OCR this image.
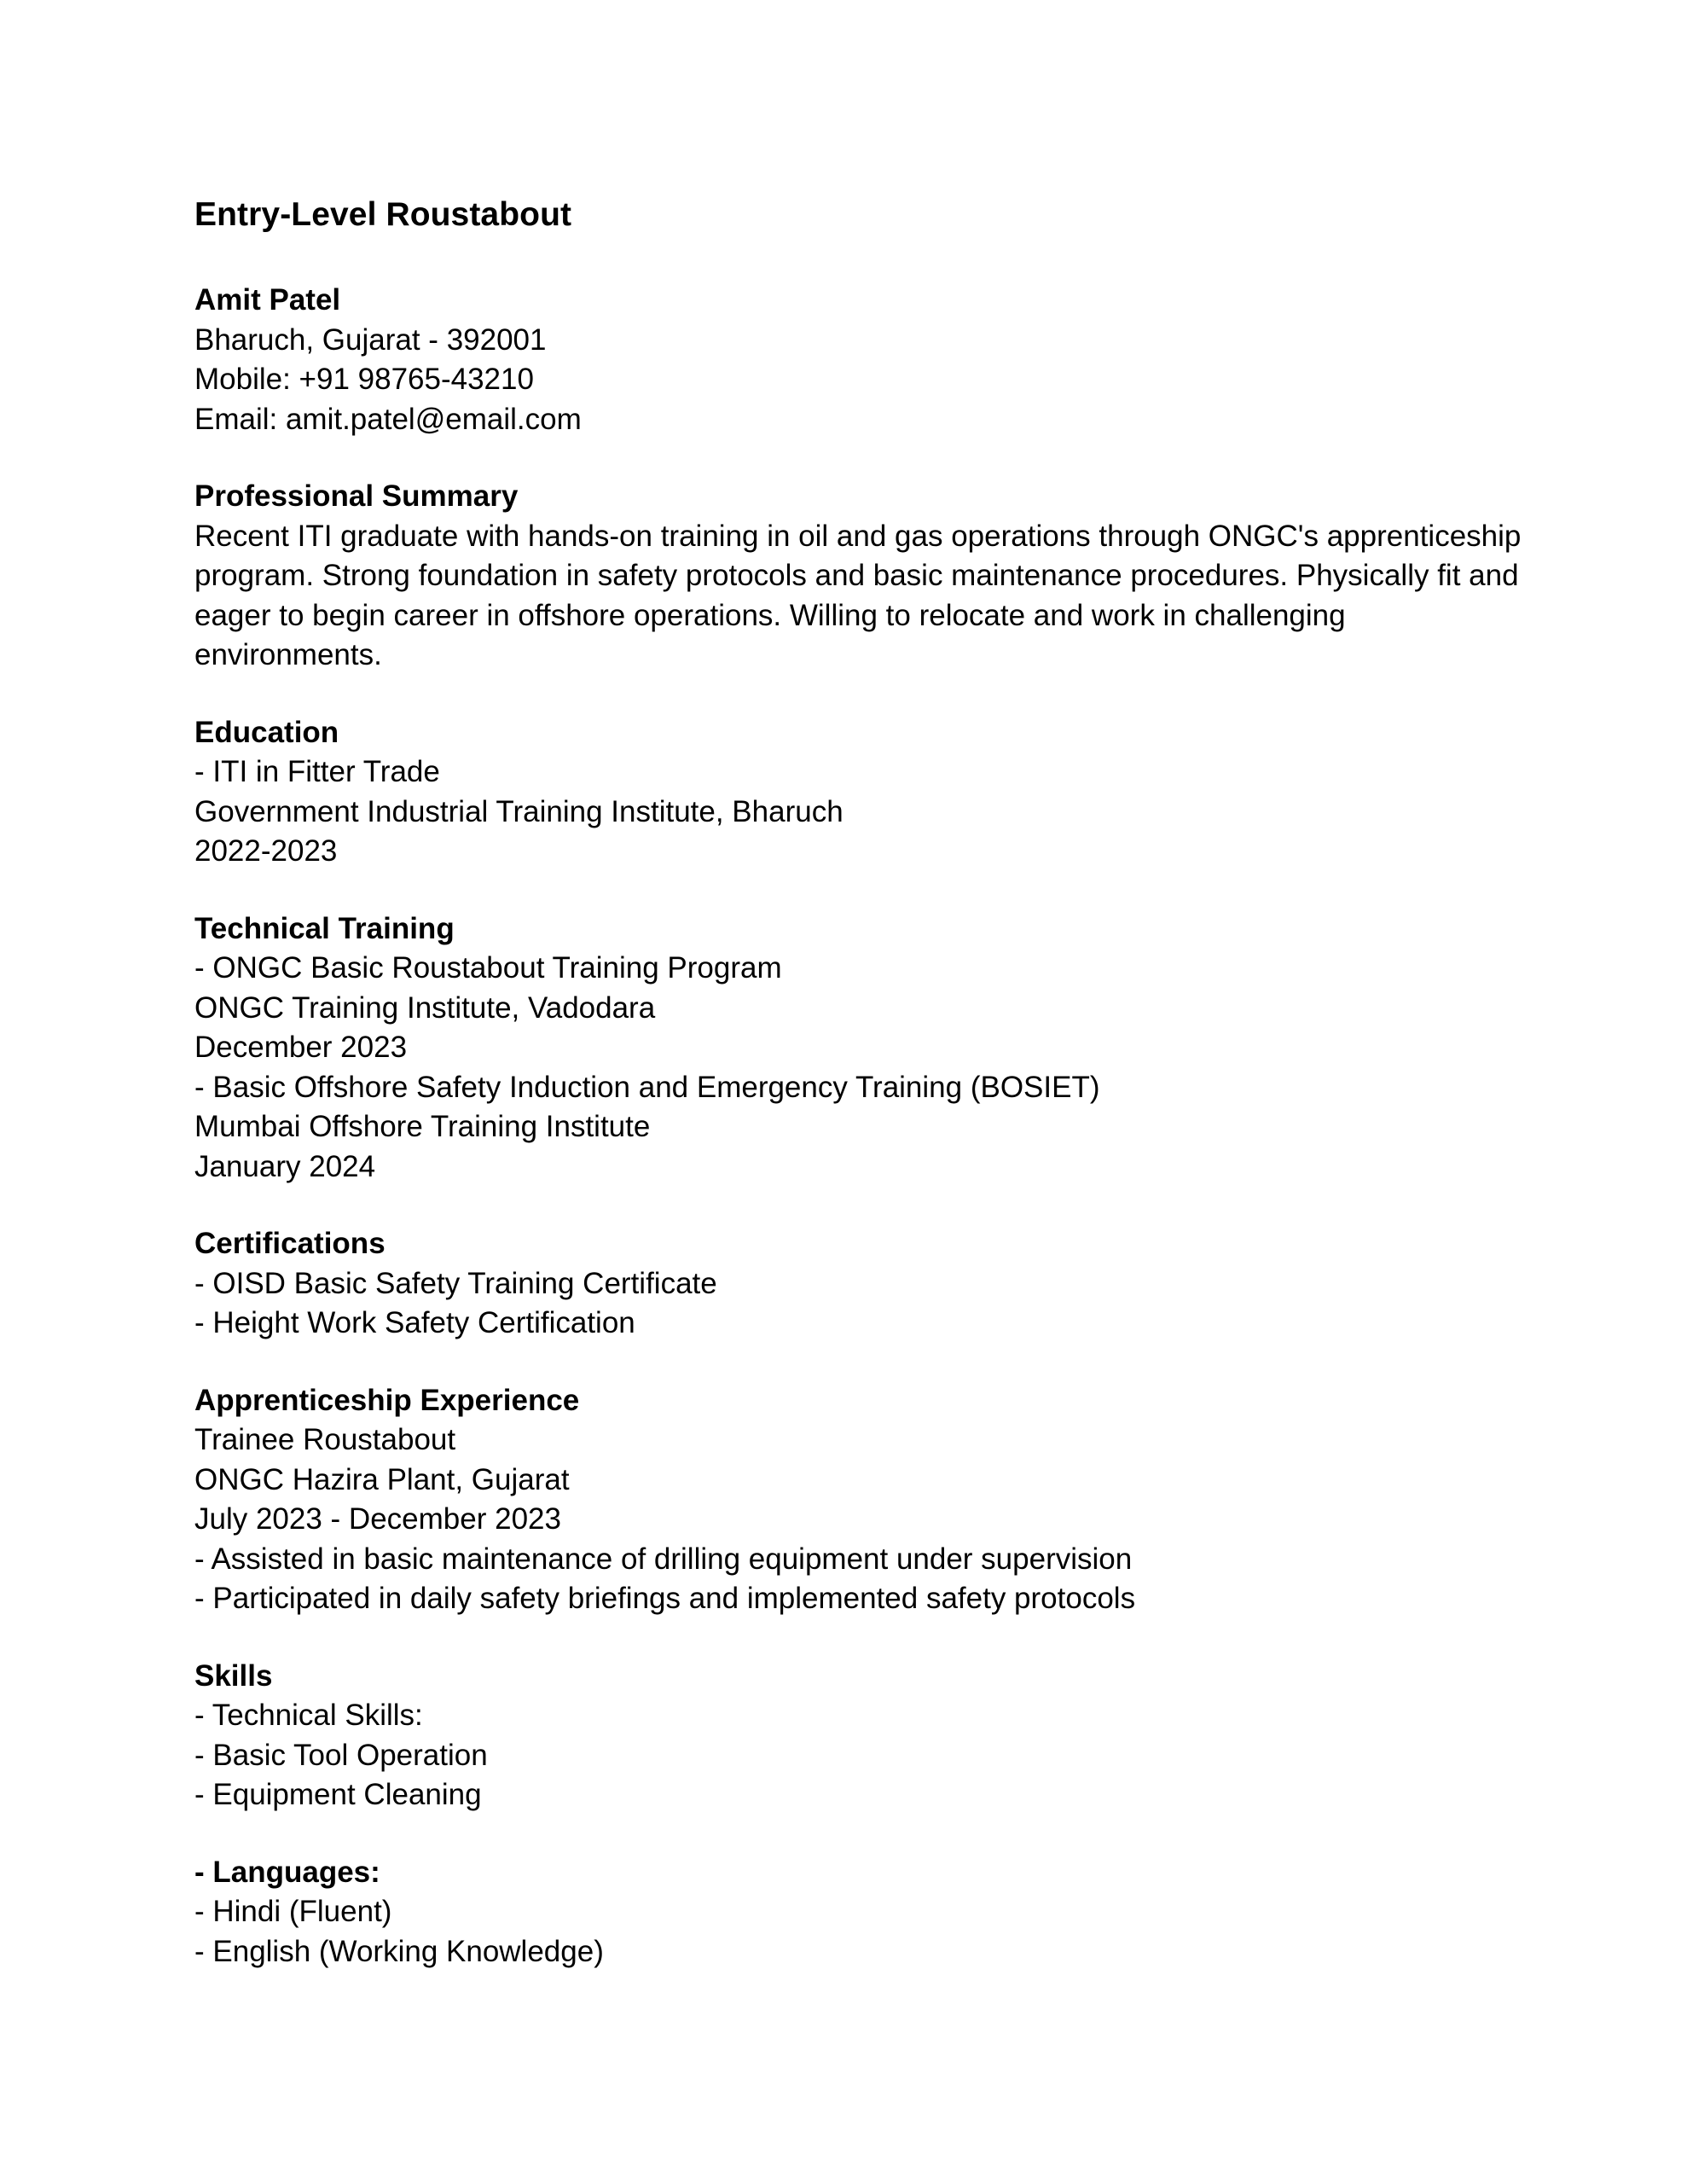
Entry-Level Roustabout
Amit Patel
Bharuch, Gujarat - 392001
Mobile: +91 98765-43210
Email: amit.patel@email.com
Professional Summary
Recent ITI graduate with hands-on training in oil and gas operations through ONGC's apprenticeship program. Strong foundation in safety protocols and basic maintenance procedures. Physically fit and eager to begin career in offshore operations. Willing to relocate and work in challenging environments.
Education
- ITI in Fitter Trade
Government Industrial Training Institute, Bharuch
2022-2023
Technical Training
- ONGC Basic Roustabout Training Program
ONGC Training Institute, Vadodara
December 2023
- Basic Offshore Safety Induction and Emergency Training (BOSIET)
Mumbai Offshore Training Institute
January 2024
Certifications
- OISD Basic Safety Training Certificate
- Height Work Safety Certification
Apprenticeship Experience
Trainee Roustabout
ONGC Hazira Plant, Gujarat
July 2023 - December 2023
- Assisted in basic maintenance of drilling equipment under supervision
- Participated in daily safety briefings and implemented safety protocols
Skills
- Technical Skills:
- Basic Tool Operation
- Equipment Cleaning
- Languages:
- Hindi (Fluent)
- English (Working Knowledge)
